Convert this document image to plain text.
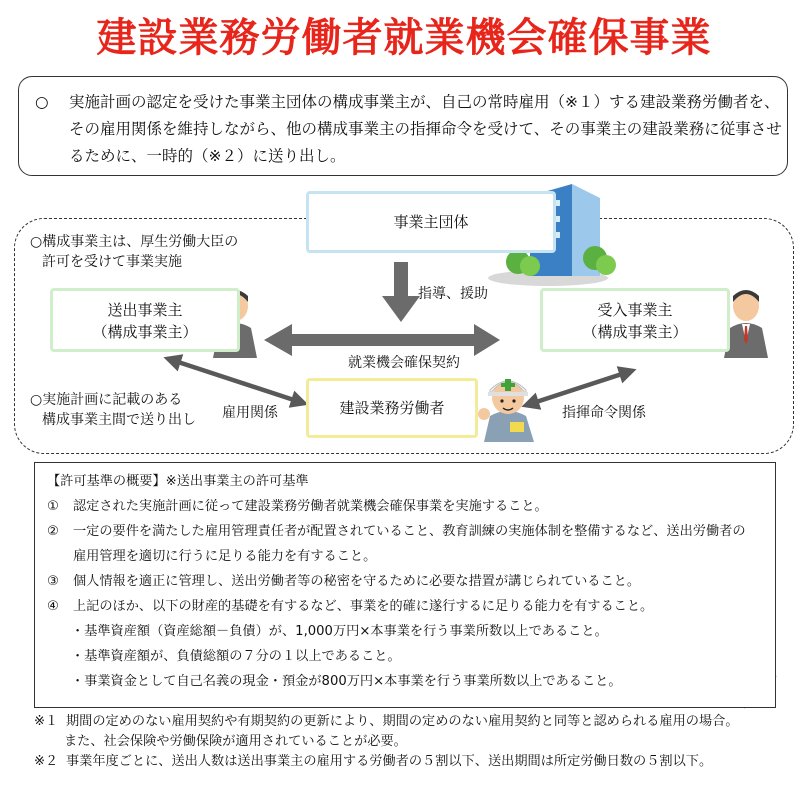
建設業務労働者就業機会確保事業
○ 実施計画の認定を受けた事業主団体の構成事業主が、自己の常時雇用（※１）する建設業務労働者を、
その雇用関係を維持しながら、他の構成事業主の指揮命令を受けて、その事業主の建設業務に従事させ
るために、一時的（※２）に送り出し。
事業主団体
送出事業主
（構成事業主）
受入事業主
（構成事業主）
建設業務労働者
○構成事業主は、厚生労働大臣の
許可を受けて事業実施
○実施計画に記載のある
構成事業主間で送り出し
指導、援助
就業機会確保契約
雇用関係	指揮命令関係
【許可基準の概要】※送出事業主の許可基準
① 認定された実施計画に従って建設業務労働者就業機会確保事業を実施すること。
② 一定の要件を満たした雇用管理責任者が配置されていること、教育訓練の実施体制を整備するなど、送出労働者の
雇用管理を適切に行うに足りる能力を有すること。
③ 個人情報を適正に管理し、送出労働者等の秘密を守るために必要な措置が講じられていること。
④ 上記のほか、以下の財産的基礎を有するなど、事業を的確に遂行するに足りる能力を有すること。
・基準資産額（資産総額－負債）が、1,000万円×本事業を行う事業所数以上であること。
・基準資産額が、負債総額の７分の１以上であること。
・事業資金として自己名義の現金・預金が800万円×本事業を行う事業所数以上であること。
※１ 期間の定めのない雇用契約や有期契約の更新により、期間の定めのない雇用契約と同等と認められる雇用の場合。
また、社会保険や労働保険が適用されていることが必要。
※２ 事業年度ごとに、送出人数は送出事業主の雇用する労働者の５割以下、送出期間は所定労働日数の５割以下。
